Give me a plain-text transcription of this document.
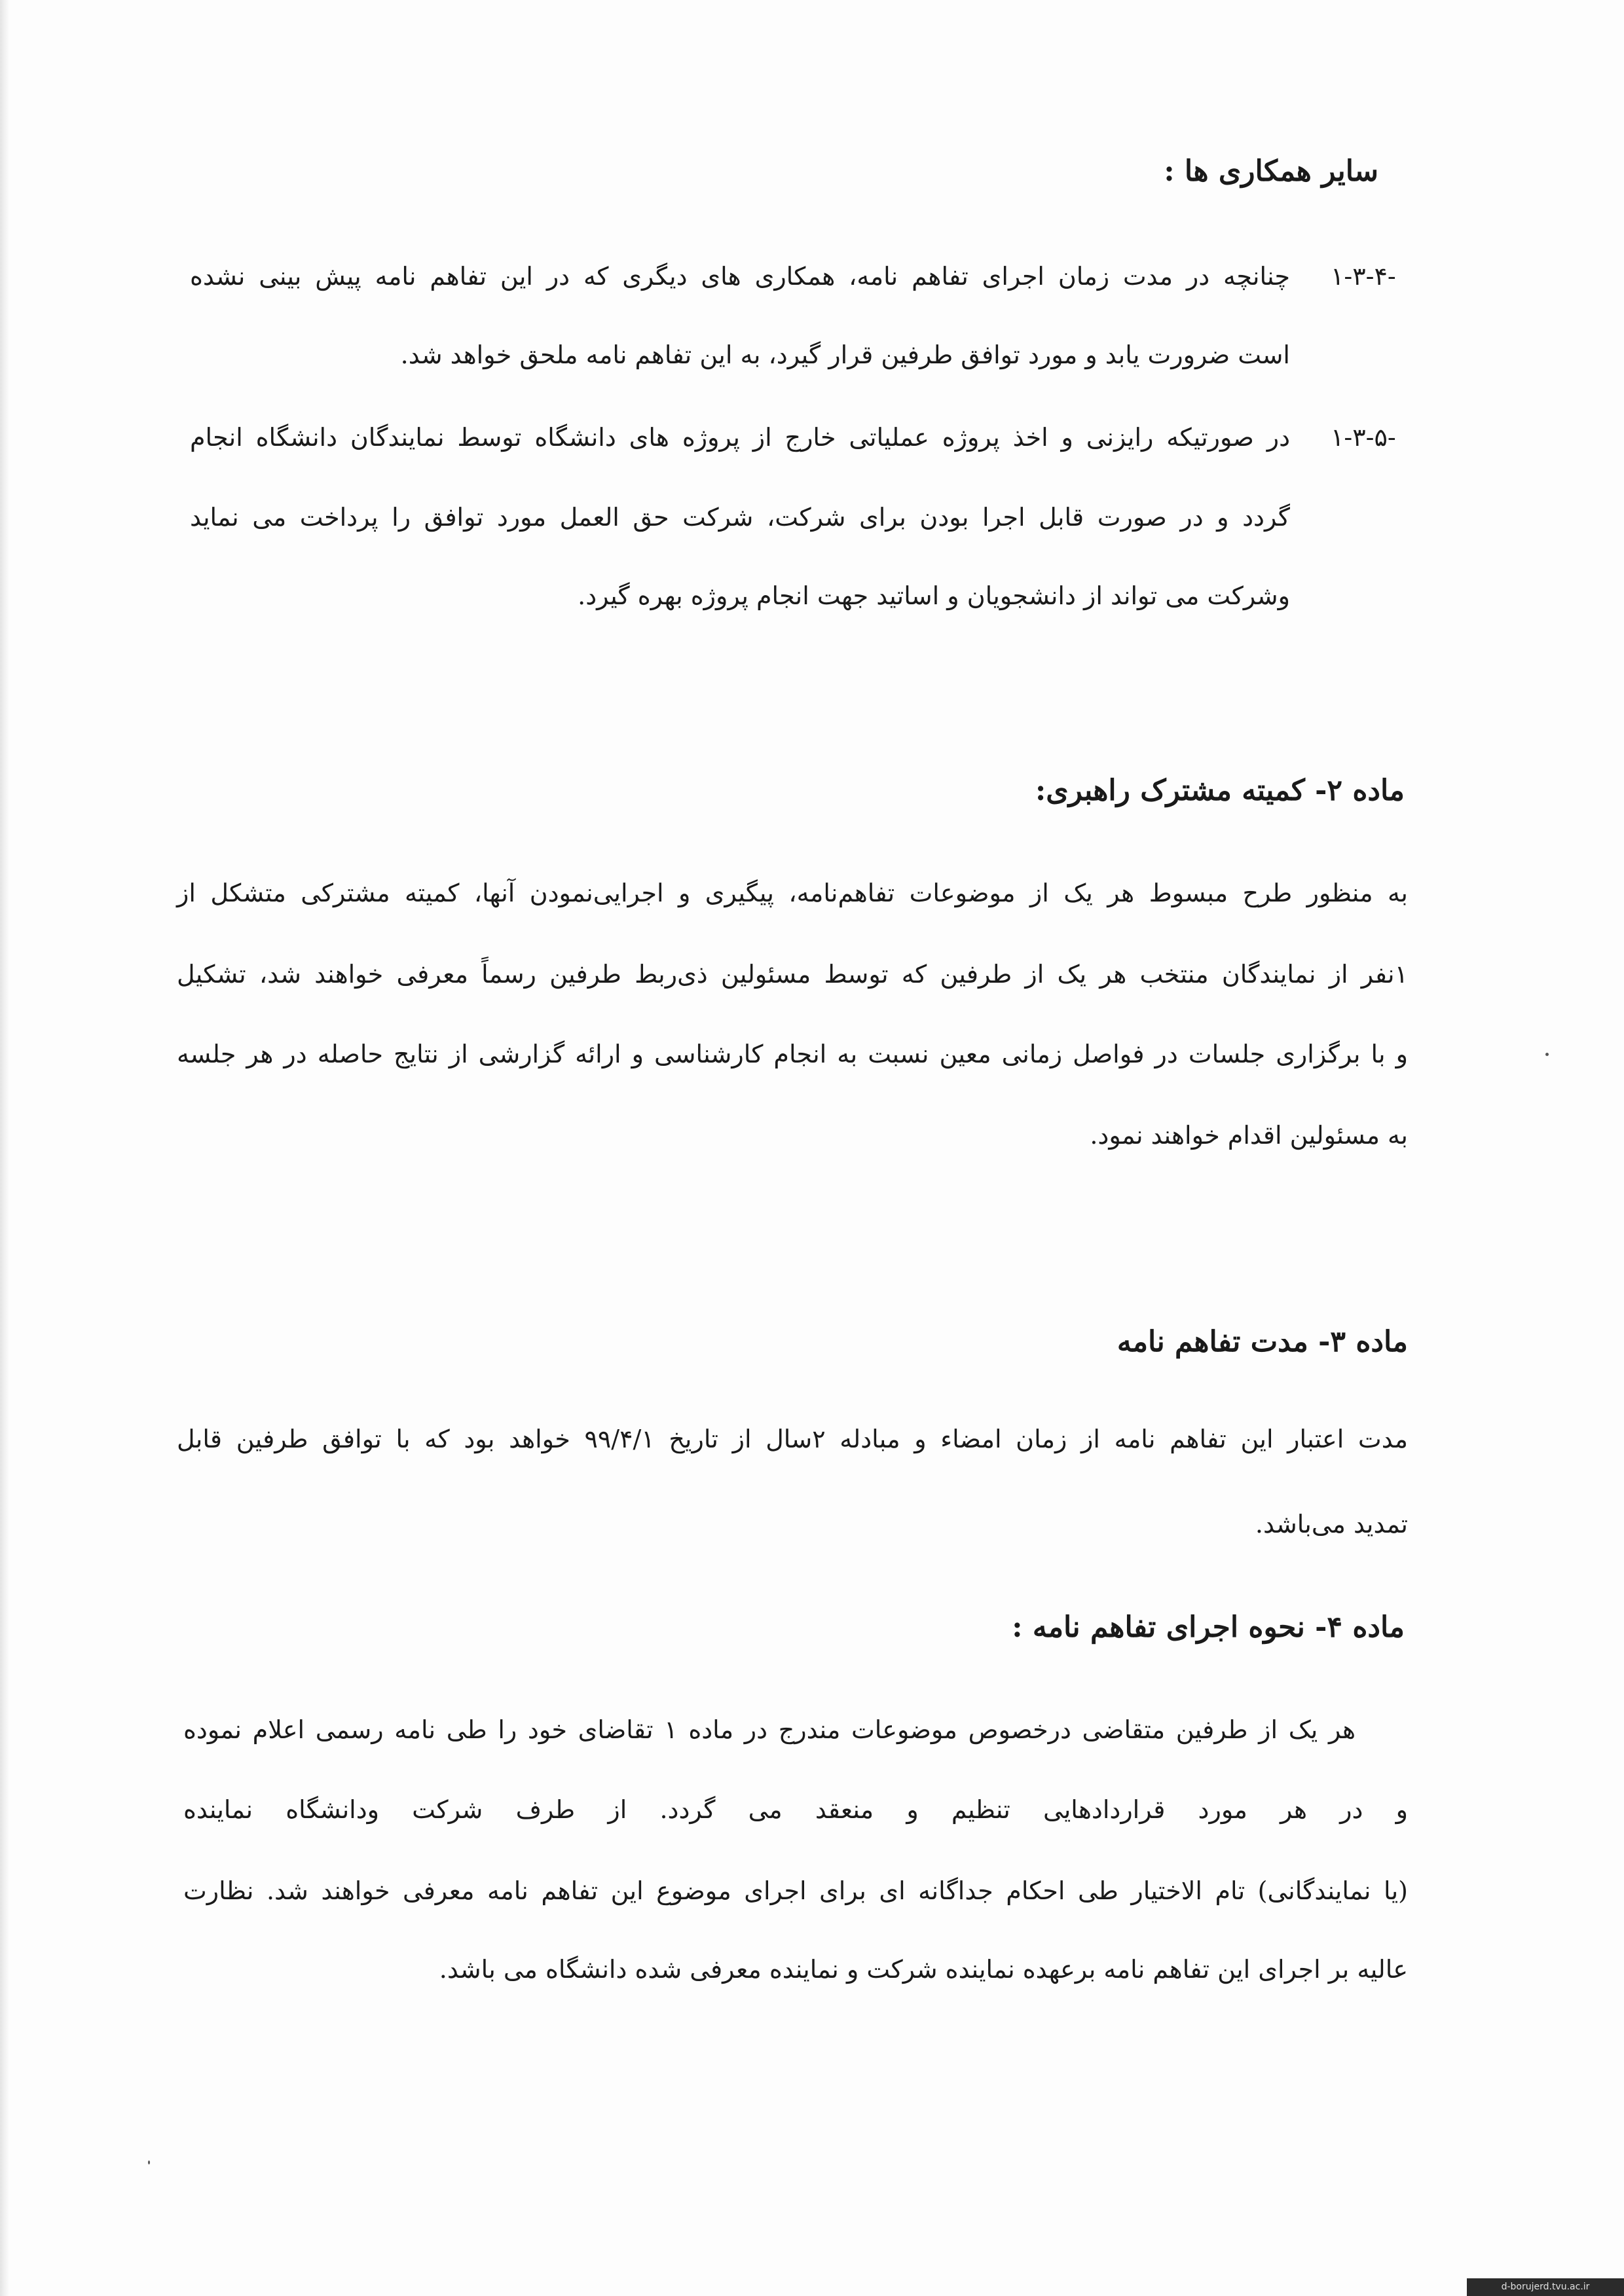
سایر همکاری ها :
۱-۳-۴-
چنانچه در مدت زمان اجرای تفاهم نامه، همکاری های دیگری که در این تفاهم نامه پیش بینی نشده
است ضرورت یابد و مورد توافق طرفین قرار گیرد، به این تفاهم نامه ملحق خواهد شد.
۱-۳-۵-
در صورتیکه رایزنی و اخذ پروژه عملیاتی خارج از پروژه های دانشگاه توسط نمایندگان دانشگاه انجام
گردد و در صورت قابل اجرا بودن برای شرکت، شرکت حق العمل مورد توافق را پرداخت می نماید
وشرکت می تواند از دانشجویان و اساتید جهت انجام پروژه بهره گیرد.
ماده ۲- کمیته مشترک راهبری:
به منظور طرح مبسوط هر یک از موضوعات تفاهم‌نامه، پیگیری و اجرایی‌نمودن آنها، کمیته مشترکی متشکل از
۱نفر از نمایندگان منتخب هر یک از طرفین که توسط مسئولین ذی‌ربط طرفین رسماً معرفی خواهند شد، تشکیل
و با برگزاری جلسات در فواصل زمانی معین نسبت به انجام کارشناسی و ارائه گزارشی از نتایج حاصله در هر جلسه
به مسئولین اقدام خواهند نمود.
ماده ۳- مدت تفاهم نامه
مدت اعتبار این تفاهم نامه از زمان امضاء و مبادله ۲سال از تاریخ ۹۹/۴/۱ خواهد بود که با توافق طرفین قابل
تمدید می‌باشد.
ماده ۴- نحوه اجرای تفاهم نامه :
هر یک از طرفین متقاضی درخصوص موضوعات مندرج در ماده ۱ تقاضای خود را طی نامه رسمی اعلام نموده
و در هر مورد قراردادهایی تنظیم و منعقد می گردد. از طرف شرکت ودانشگاه نماینده
(یا نمایندگانی) تام الاختیار طی احکام جداگانه ای برای اجرای موضوع این تفاهم نامه معرفی خواهند شد. نظارت
عالیه بر اجرای این تفاهم نامه برعهده نماینده شرکت و نماینده معرفی شده دانشگاه می باشد.
d-borujerd.tvu.ac.ir
